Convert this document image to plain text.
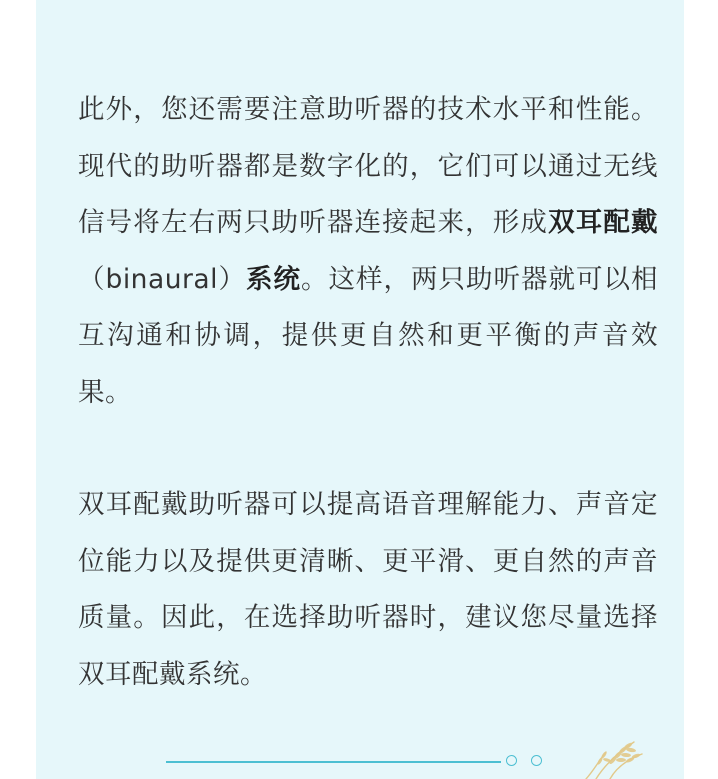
此外，您还需要注意助听器的技术水平和性能。现代的助听器都是数字化的，它们可以通过无线信号将左右两只助听器连接起来，形成双耳配戴（binaural）系统。这样，两只助听器就可以相互沟通和协调，提供更自然和更平衡的声音效果。

双耳配戴助听器可以提高语音理解能力、声音定位能力以及提供更清晰、更平滑、更自然的声音质量。因此，在选择助听器时，建议您尽量选择双耳配戴系统。
